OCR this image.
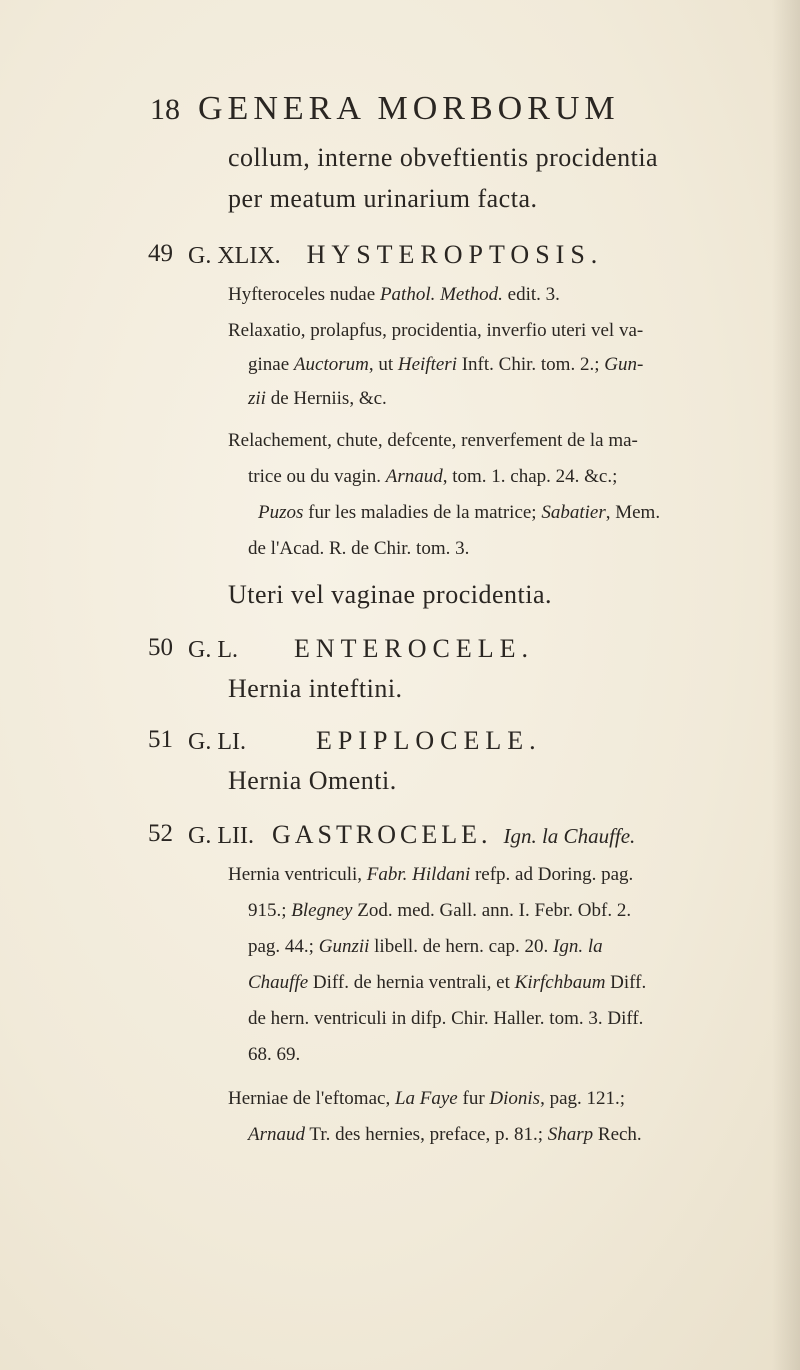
18 GENERA MORBORUM
collum, interne obveftientis procidentia
per meatum urinarium facta.
49 G. XLIX. HYSTEROPTOSIS.
Hyfteroceles nudae Pathol. Method. edit. 3.
Relaxatio, prolapfus, procidentia, inverfio uteri vel va-
ginae Auctorum, ut Heifteri Inft. Chir. tom. 2.; Gun-
zii de Herniis, &c.
Relachement, chute, defcente, renverfement de la ma-
trice ou du vagin. Arnaud, tom. 1. chap. 24. &c.;
Puzos fur les maladies de la matrice; Sabatier, Mem.
de l'Acad. R. de Chir. tom. 3.
Uteri vel vaginae procidentia.
50 G. L. ENTEROCELE.
Hernia inteftini.
51 G. LI.	EPIPLOCELE.
Hernia Omenti.
52 G. LII. GASTROCELE. Ign. la Chauffe.
Hernia ventriculi, Fabr. Hildani refp. ad Doring. pag.
915.; Blegney Zod. med. Gall. ann. I. Febr. Obf. 2.
pag. 44.; Gunzii libell. de hern. cap. 20. Ign. la
Chauffe Diff. de hernia ventrali, et Kirfchbaum Diff.
de hern. ventriculi in difp. Chir. Haller. tom. 3. Diff.
68. 69.
Herniae de l'eftomac, La Faye fur Dionis, pag. 121.;
Arnaud Tr. des hernies, preface, p. 81.; Sharp Rech.
